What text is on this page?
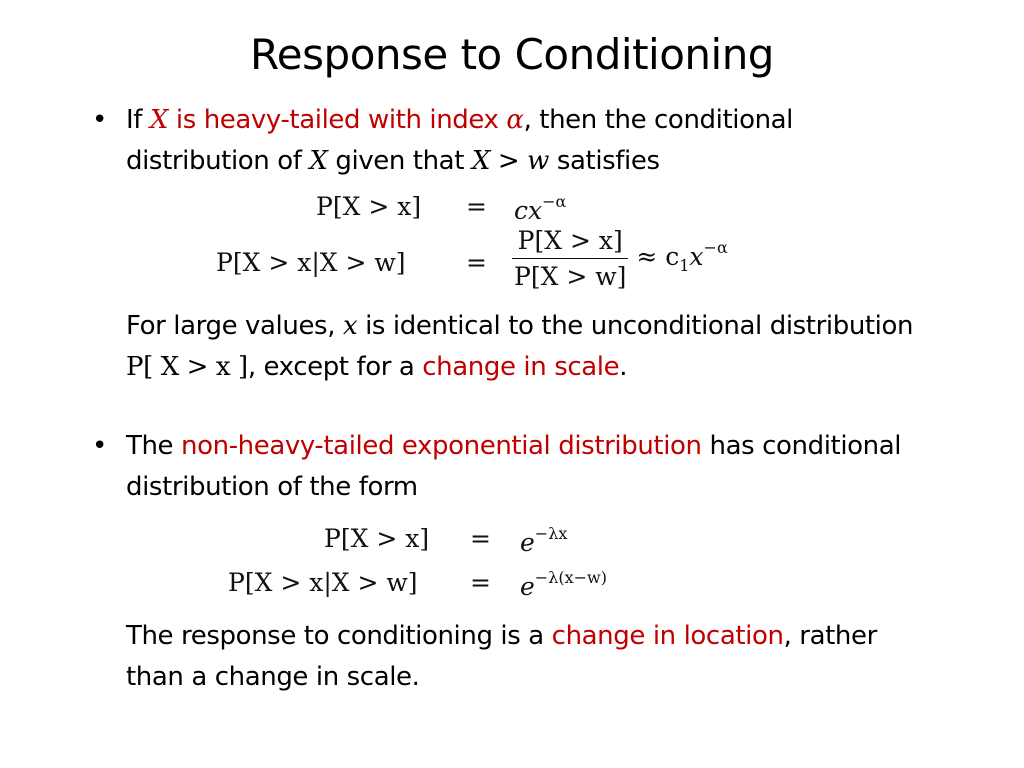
Response to Conditioning
• If X is heavy-tailed with index α, then the conditional distribution of X given that X > w satisfies
$P[X > x] = cx^{-\alpha}$
$P[X > x|X > w] = \frac{P[X > x]}{P[X > w]} \approx c_1x^{-\alpha}$
For large values, x is identical to the unconditional distribution P[ X > x ], except for a change in scale.
• The non-heavy-tailed exponential distribution has conditional distribution of the form
$P[X > x] = e^{-\lambda x}$
$P[X > x|X > w] = e^{-\lambda(x-w)}$
The response to conditioning is a change in location, rather than a change in scale.
